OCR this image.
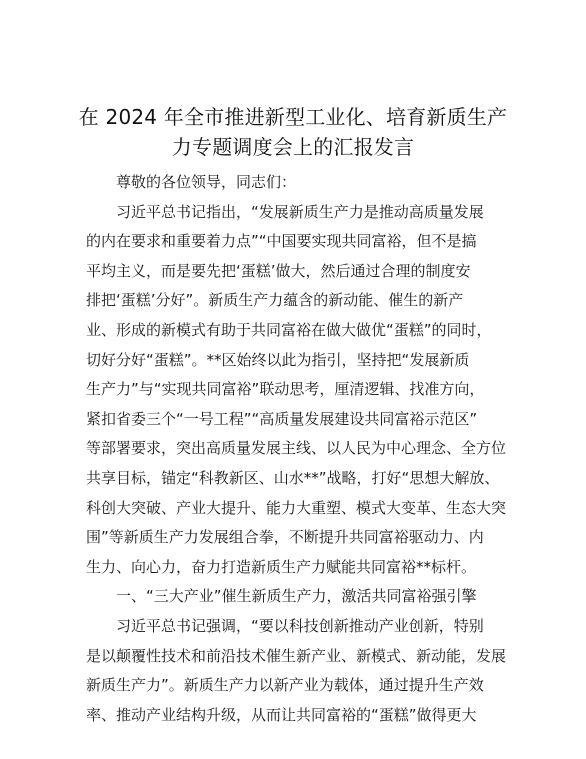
在 2024 年全市推进新型工业化、培育新质生产
力专题调度会上的汇报发言
尊敬的各位领导，同志们：
习近平总书记指出，“发展新质生产力是推动高质量发展
的内在要求和重要着力点”“中国要实现共同富裕，但不是搞
平均主义，而是要先把‘蛋糕’做大，然后通过合理的制度安
排把‘蛋糕’分好”。新质生产力蕴含的新动能、催生的新产
业、形成的新模式有助于共同富裕在做大做优“蛋糕”的同时，
切好分好“蛋糕”。**区始终以此为指引，坚持把“发展新质
生产力”与“实现共同富裕”联动思考，厘清逻辑、找准方向，
紧扣省委三个“一号工程”“高质量发展建设共同富裕示范区”
等部署要求，突出高质量发展主线、以人民为中心理念、全方位
共享目标，锚定“科教新区、山水**”战略，打好“思想大解放、
科创大突破、产业大提升、能力大重塑、模式大变革、生态大突
围”等新质生产力发展组合拳，不断提升共同富裕驱动力、内
生力、向心力，奋力打造新质生产力赋能共同富裕**标杆。
一、“三大产业”催生新质生产力，激活共同富裕强引擎
习近平总书记强调，“要以科技创新推动产业创新，特别
是以颠覆性技术和前沿技术催生新产业、新模式、新动能，发展
新质生产力”。新质生产力以新产业为载体，通过提升生产效
率、推动产业结构升级，从而让共同富裕的“蛋糕”做得更大
